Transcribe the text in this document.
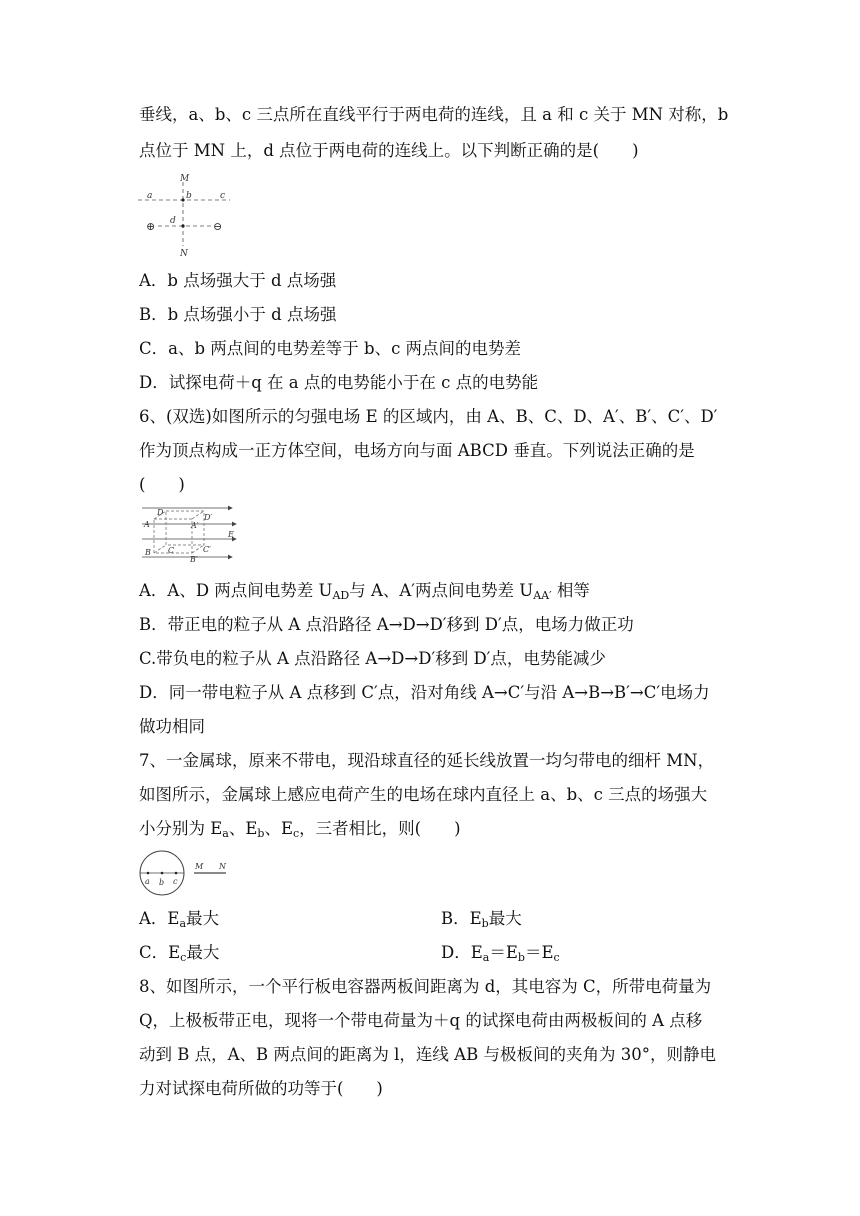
垂线，a、b、c 三点所在直线平行于两电荷的连线，且 a 和 c 关于 MN 对称，b
点位于 MN 上，d 点位于两电荷的连线上。以下判断正确的是(　　)
M
a	b	c
d
N
⊕	⊖
A．b 点场强大于 d 点场强
B．b 点场强小于 d 点场强
C．a、b 两点间的电势差等于 b、c 两点间的电势差
D．试探电荷＋q 在 a 点的电势能小于在 c 点的电势能
6、(双选)如图所示的匀强电场 E 的区域内，由 A、B、C、D、A′、B′、C′、D′
作为顶点构成一正方体空间，电场方向与面 ABCD 垂直。下列说法正确的是
(　　)
D
D′
A	A′
E
B C	C′
B′
A．A、D 两点间电势差 $U_{AD}$与 A、A′两点间电势差 $U_{AA'}$ 相等
B．带正电的粒子从 A 点沿路径 A→D→D′移到 D′点，电场力做正功
C.带负电的粒子从 A 点沿路径 A→D→D′移到 D′点，电势能减少
D．同一带电粒子从 A 点移到 C′点，沿对角线 A→C′与沿 A→B→B′→C′电场力
做功相同
7、一金属球，原来不带电，现沿球直径的延长线放置一均匀带电的细杆 MN，
如图所示，金属球上感应电荷产生的电场在球内直径上 a、b、c 三点的场强大
小分别为 $E_a$、$E_b$、$E_c$，三者相比，则(　　)
a b c
M N
A．$E_a$最大	B．$E_b$最大
C．$E_c$最大	D．$E_a=E_b=E_c$
8、如图所示，一个平行板电容器两板间距离为 d，其电容为 C，所带电荷量为
Q，上极板带正电，现将一个带电荷量为＋q 的试探电荷由两极板间的 A 点移
动到 B 点，A、B 两点间的距离为 l，连线 AB 与极板间的夹角为 30°，则静电
力对试探电荷所做的功等于(　　)
